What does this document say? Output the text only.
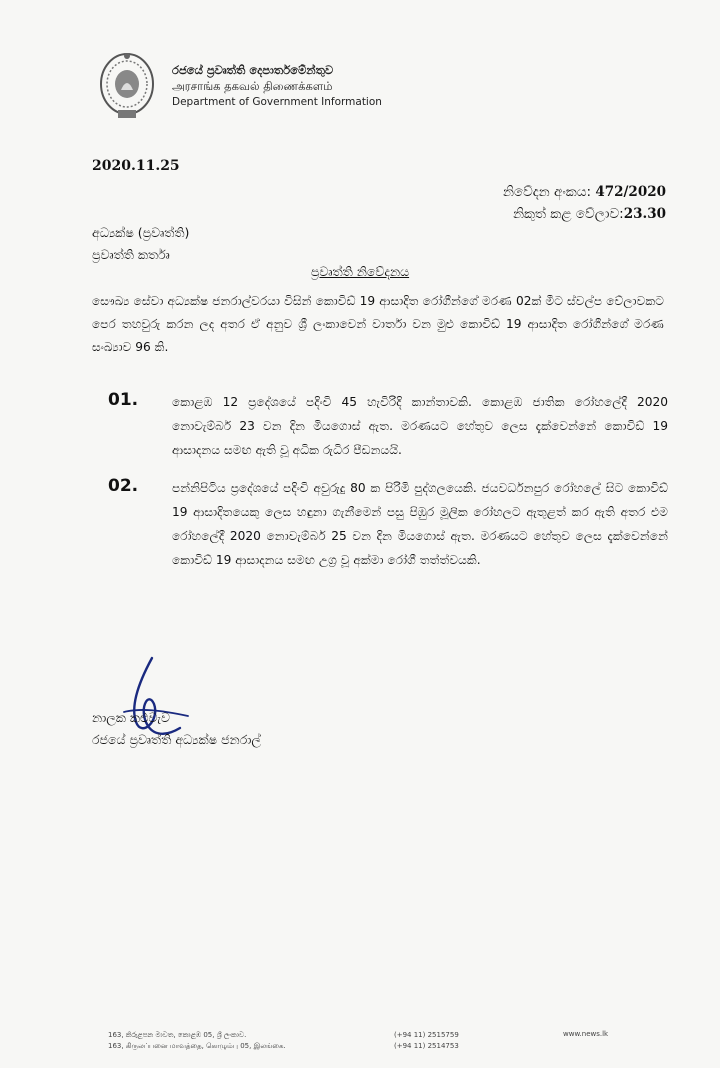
රජයේ ප්‍රවෘත්ති දෙපාර්තමේන්තුව
அரசாங்க தகவல் திணைக்களம்
Department of Government Information
2020.11.25
නිවේදන අංකය: 472/2020
නිකුත් කළ වේලාව:23.30
අධ්‍යක්ෂ (ප්‍රවෘත්ති)
ප්‍රවෘත්ති කර්තෘ
ප්‍රවෘත්ති නිවේදනය
සෞඛ්‍ය සේවා අධ්‍යක්ෂ ජනරාල්වරයා විසින් කොවිඩ් 19 ආසාදිත රෝගීන්ගේ මරණ 02ක් මීට ස්වල්ප වේලාවකට පෙර තහවුරු කරන ලද අතර ඒ අනුව ශ්‍රී ලංකාවෙන් වාර්තා වන මුළු කොවිඩ් 19 ආසාදිත රෝගීන්ගේ මරණ සංඛ්‍යාව 96 කි.
01.	කොළඹ 12 ප්‍රදේශයේ පදිංචි 45 හැවිරිදි කාන්තාවකි. කොළඹ ජාතික රෝහලේදී 2020 නොවැම්බර් 23 වන දින මියගොස් ඇත. මරණයට හේතුව ලෙස දැක්වෙන්නේ කොවිඩ් 19 ආසාදනය සමඟ ඇති වූ අධික රුධිර පීඩනයයි.
02.	පන්නිපිටිය ප්‍රදේශයේ පදිංචි අවුරුදු 80 ක පිරිමි පුද්ගලයෙකි. ජයවර්ධනපුර රෝහලේ සිට කොවිඩ් 19 ආසාදිතයෙකු ලෙස හඳුනා ගැනීමෙන් පසු පිඹුර මූලික රෝහලට ඇතුළත් කර ඇති අතර එම රෝහලේදී 2020 නොවැම්බර් 25 වන දින මියගොස් ඇත. මරණයට හේතුව ලෙස දැක්වෙන්නේ කොවිඩ් 19 ආසාදනය සමඟ උග්‍ර වූ අක්මා රෝගී තත්ත්වයකි.
නාලක කළුවැව
රජයේ ප්‍රවෘත්ති අධ්‍යක්ෂ ජනරාල්
163, කිරුළපන මාවත, කොළඹ 05, ශ්‍රී ලංකාව.
163, கிருலப்பனை மாவத்தை, கொழும்பு 05, இலங்கை.
(+94 11) 2515759
(+94 11) 2514753
www.news.lk
